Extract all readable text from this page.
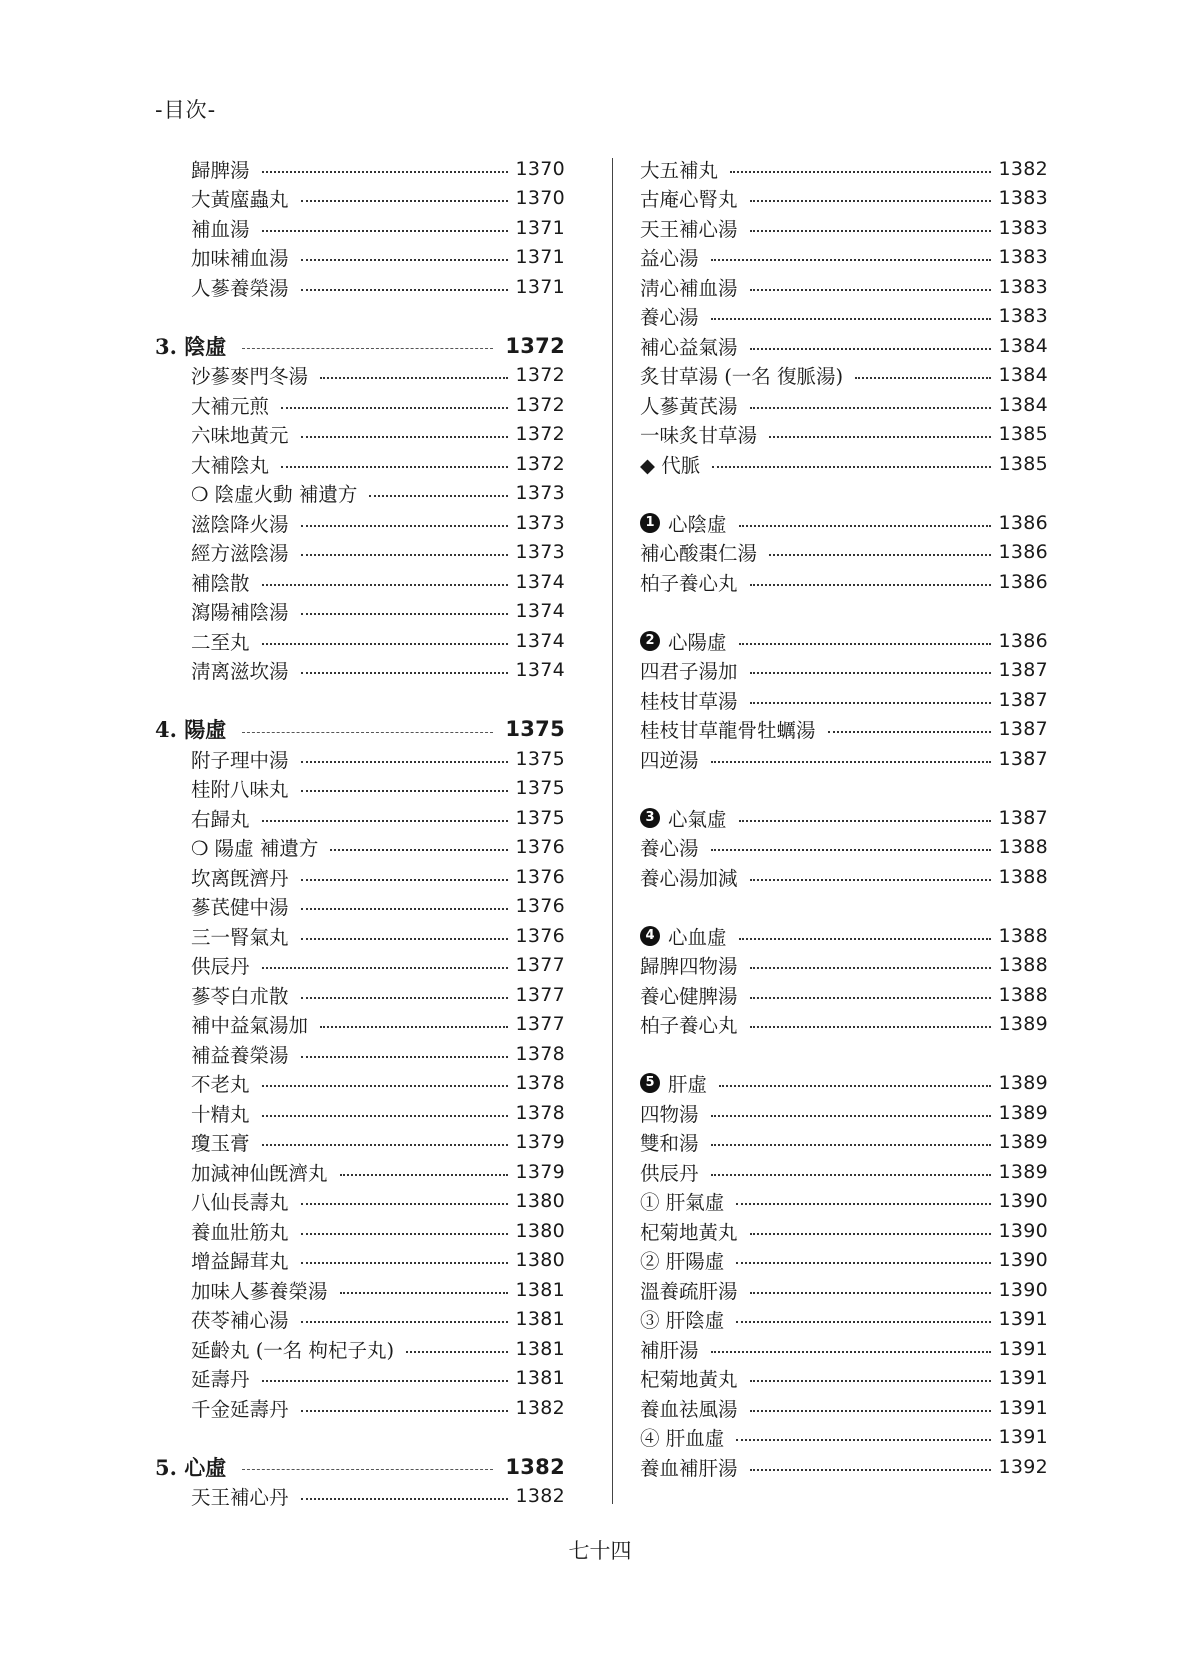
-目次-
歸脾湯	1370
大黃䗪蟲丸	1370
補血湯	1371
加味補血湯	1371
人蔘養榮湯	1371
3. 陰虛	1372
沙蔘麥門冬湯	1372
大補元煎	1372
六味地黃元	1372
大補陰丸	1372
❍ 陰虛火動 補遺方	1373
滋陰降火湯	1373
經方滋陰湯	1373
補陰散	1374
瀉陽補陰湯	1374
二至丸	1374
淸离滋坎湯	1374
4. 陽虛	1375
附子理中湯	1375
桂附八味丸	1375
右歸丸	1375
❍ 陽虛 補遺方	1376
坎离旣濟丹	1376
蔘芪健中湯	1376
三一腎氣丸	1376
供辰丹	1377
蔘苓白朮散	1377
補中益氣湯加	1377
補益養榮湯	1378
不老丸	1378
十精丸	1378
瓊玉膏	1379
加減神仙旣濟丸	1379
八仙長壽丸	1380
養血壯筋丸	1380
增益歸茸丸	1380
加味人蔘養榮湯	1381
茯苓補心湯	1381
延齡丸 (一名 枸杞子丸)	1381
延壽丹	1381
千金延壽丹	1382
5. 心虛	1382
天王補心丹	1382
大五補丸	1382
古庵心腎丸	1383
天王補心湯	1383
益心湯	1383
淸心補血湯	1383
養心湯	1383
補心益氣湯	1384
炙甘草湯 (一名 復脈湯)	1384
人蔘黃芪湯	1384
一味炙甘草湯	1385
◆ 代脈	1385
1 心陰虛	1386
補心酸棗仁湯	1386
柏子養心丸	1386
2 心陽虛	1386
四君子湯加	1387
桂枝甘草湯	1387
桂枝甘草龍骨牡蠣湯	1387
四逆湯	1387
3 心氣虛	1387
養心湯	1388
養心湯加減	1388
4 心血虛	1388
歸脾四物湯	1388
養心健脾湯	1388
柏子養心丸	1389
5 肝虛	1389
四物湯	1389
雙和湯	1389
供辰丹	1389
① 肝氣虛	1390
杞菊地黃丸	1390
② 肝陽虛	1390
溫養疏肝湯	1390
③ 肝陰虛	1391
補肝湯	1391
杞菊地黃丸	1391
養血祛風湯	1391
④ 肝血虛	1391
養血補肝湯	1392
七十四
